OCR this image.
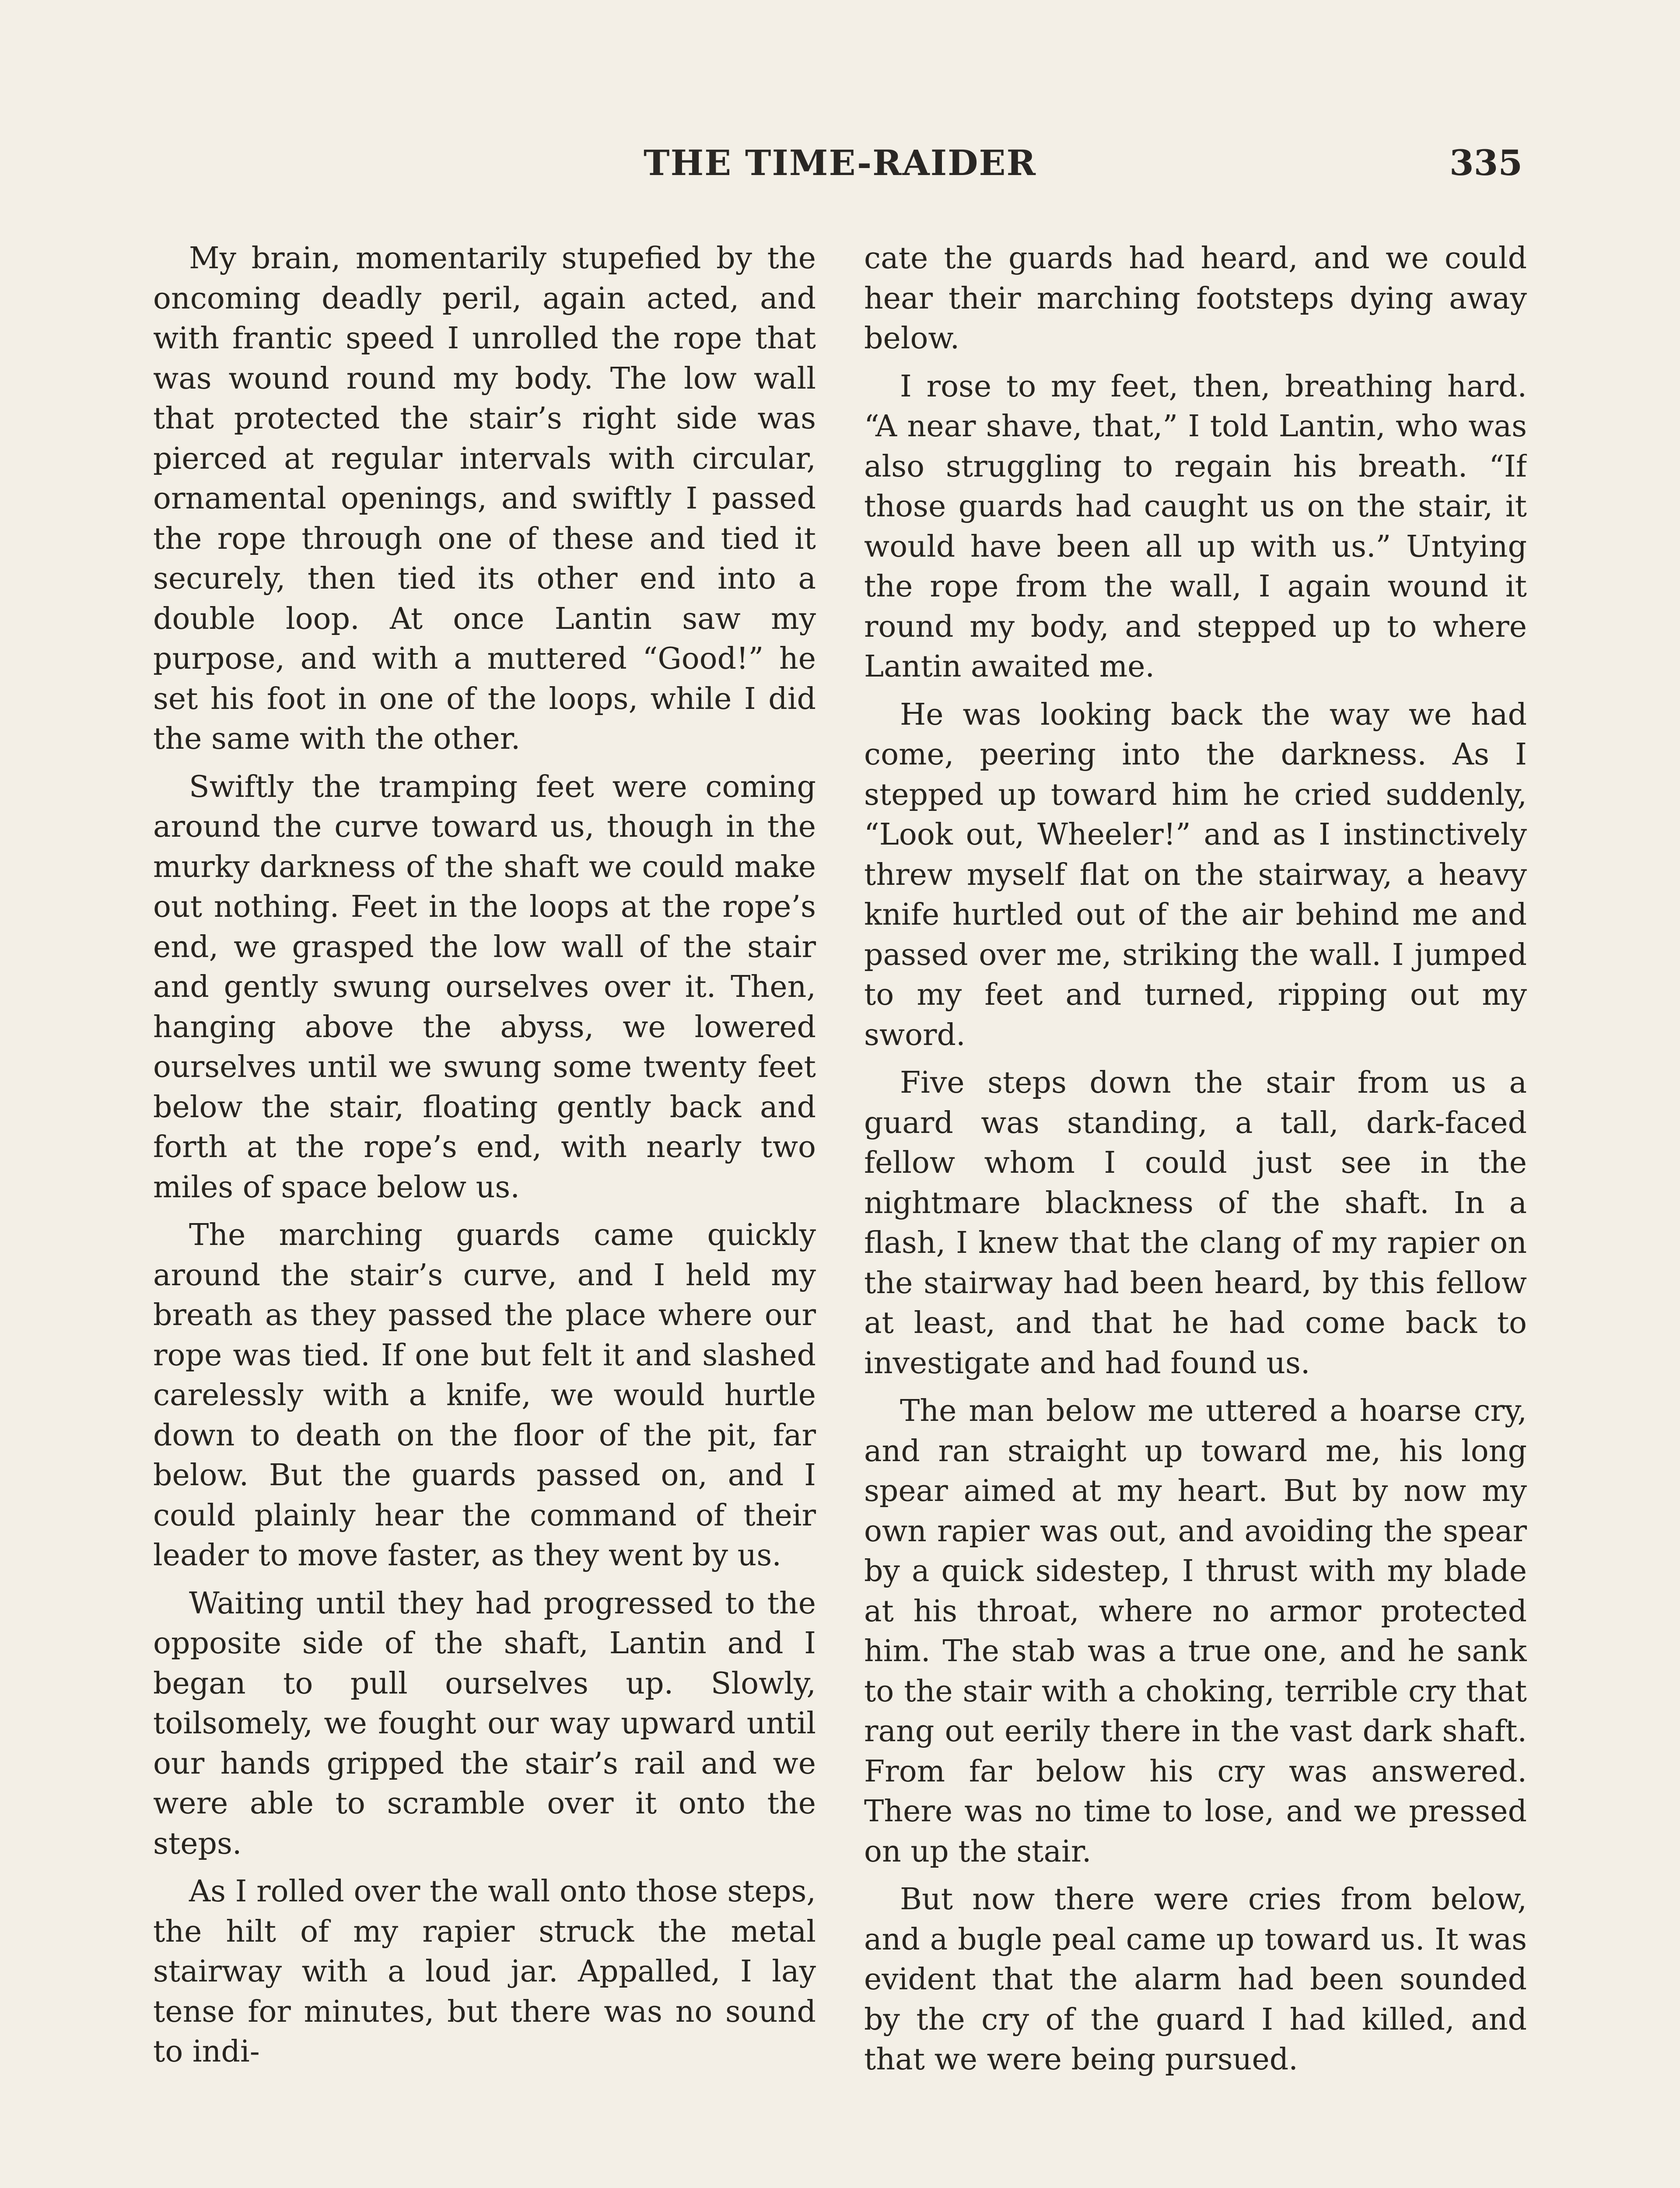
THE TIME-RAIDER	335

My brain, momentarily stupefied by the oncoming deadly peril, again acted, and with frantic speed I unrolled the rope that was wound round my body. The low wall that protected the stair’s right side was pierced at regular intervals with circular, ornamental openings, and swiftly I passed the rope through one of these and tied it securely, then tied its other end into a double loop. At once Lantin saw my purpose, and with a muttered “Good!” he set his foot in one of the loops, while I did the same with the other.

Swiftly the tramping feet were coming around the curve toward us, though in the murky darkness of the shaft we could make out nothing. Feet in the loops at the rope’s end, we grasped the low wall of the stair and gently swung ourselves over it. Then, hanging above the abyss, we lowered ourselves until we swung some twenty feet below the stair, floating gently back and forth at the rope’s end, with nearly two miles of space below us.

The marching guards came quickly around the stair’s curve, and I held my breath as they passed the place where our rope was tied. If one but felt it and slashed carelessly with a knife, we would hurtle down to death on the floor of the pit, far below. But the guards passed on, and I could plainly hear the command of their leader to move faster, as they went by us.

Waiting until they had progressed to the opposite side of the shaft, Lantin and I began to pull ourselves up. Slowly, toilsomely, we fought our way upward until our hands gripped the stair’s rail and we were able to scramble over it onto the steps.

As I rolled over the wall onto those steps, the hilt of my rapier struck the metal stairway with a loud jar. Appalled, I lay tense for minutes, but there was no sound to indi-

cate the guards had heard, and we could hear their marching footsteps dying away below.

I rose to my feet, then, breathing hard. “A near shave, that,” I told Lantin, who was also struggling to regain his breath. “If those guards had caught us on the stair, it would have been all up with us.” Untying the rope from the wall, I again wound it round my body, and stepped up to where Lantin awaited me.

He was looking back the way we had come, peering into the darkness. As I stepped up toward him he cried suddenly, “Look out, Wheeler!” and as I instinctively threw myself flat on the stairway, a heavy knife hurtled out of the air behind me and passed over me, striking the wall. I jumped to my feet and turned, ripping out my sword.

Five steps down the stair from us a guard was standing, a tall, dark-faced fellow whom I could just see in the nightmare blackness of the shaft. In a flash, I knew that the clang of my rapier on the stairway had been heard, by this fellow at least, and that he had come back to investigate and had found us.

The man below me uttered a hoarse cry, and ran straight up toward me, his long spear aimed at my heart. But by now my own rapier was out, and avoiding the spear by a quick sidestep, I thrust with my blade at his throat, where no armor protected him. The stab was a true one, and he sank to the stair with a choking, terrible cry that rang out eerily there in the vast dark shaft. From far below his cry was answered. There was no time to lose, and we pressed on up the stair.

But now there were cries from below, and a bugle peal came up toward us. It was evident that the alarm had been sounded by the cry of the guard I had killed, and that we were being pursued.
